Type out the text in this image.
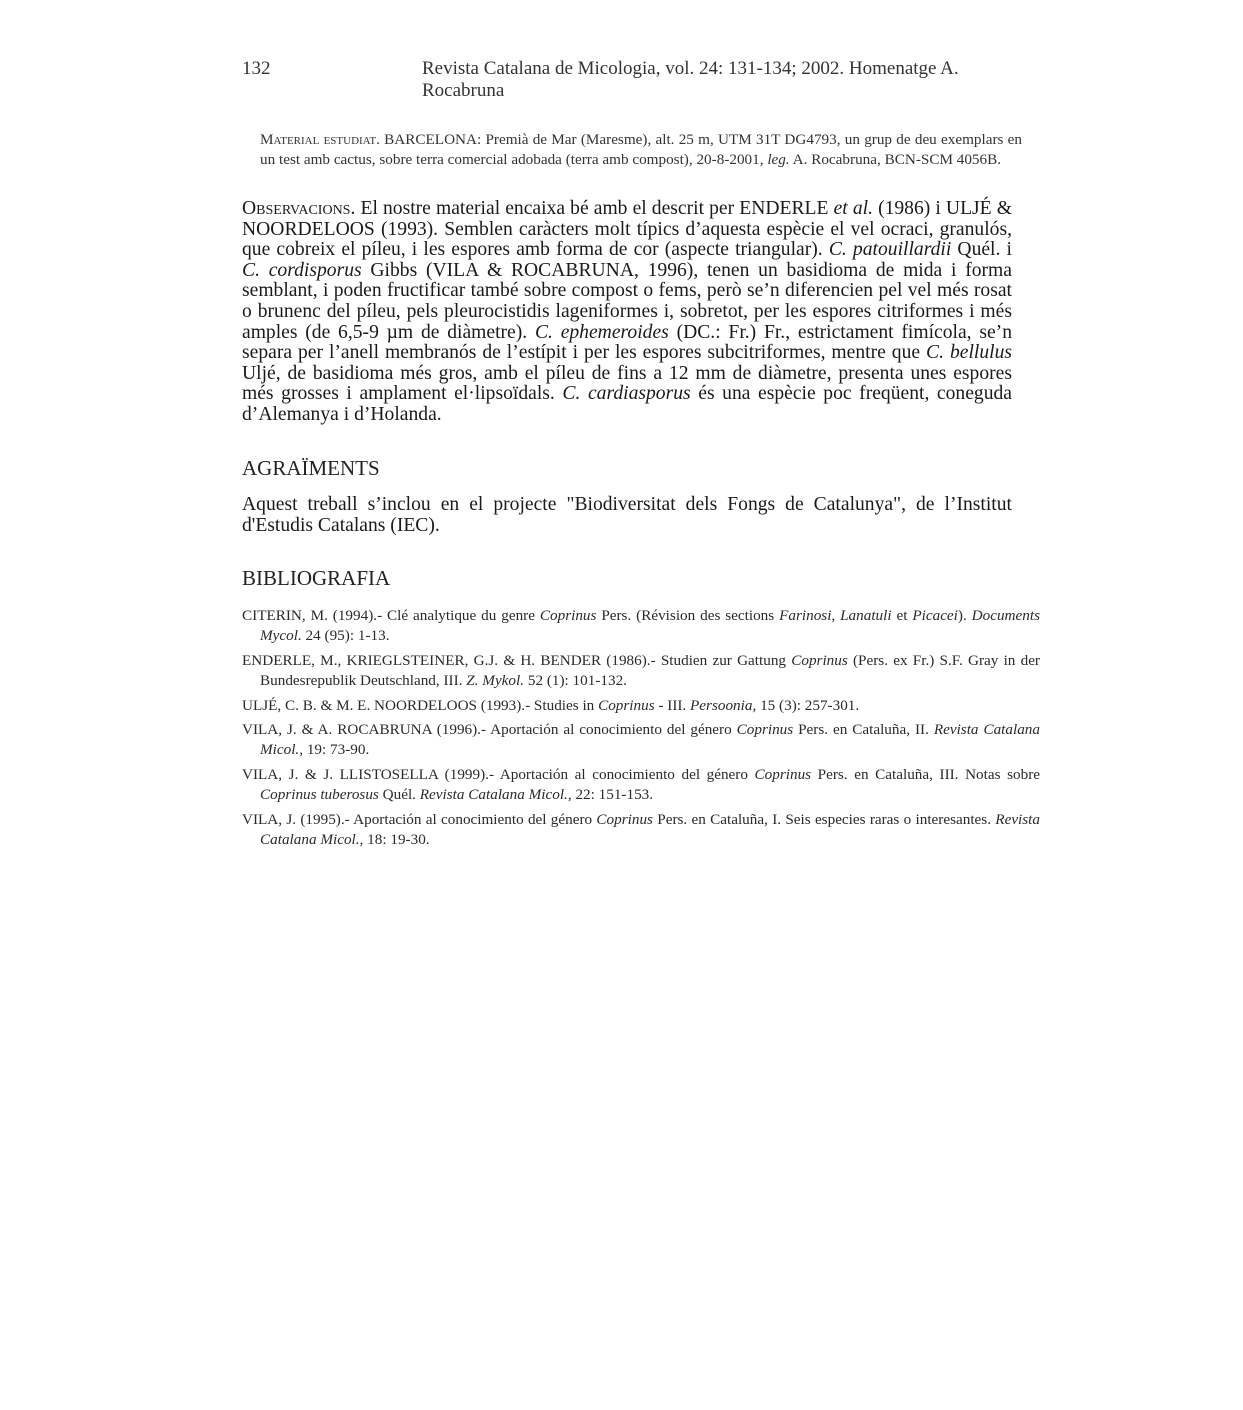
132	Revista Catalana de Micologia, vol. 24: 131-134; 2002. Homenatge A. Rocabruna
Material estudiat. BARCELONA: Premià de Mar (Maresme), alt. 25 m, UTM 31T DG4793, un grup de deu exemplars en un test amb cactus, sobre terra comercial adobada (terra amb compost), 20-8-2001, leg. A. Rocabruna, BCN-SCM 4056B.
Observacions. El nostre material encaixa bé amb el descrit per ENDERLE et al. (1986) i ULJÉ & NOORDELOOS (1993). Semblen caràcters molt típics d’aquesta espècie el vel ocraci, granulós, que cobreix el píleu, i les espores amb forma de cor (aspecte triangular). C. patouillardii Quél. i C. cordisporus Gibbs (VILA & ROCABRUNA, 1996), tenen un basidioma de mida i forma semblant, i poden fructificar també sobre compost o fems, però se’n diferencien pel vel més rosat o brunenc del píleu, pels pleurocistidis lageniformes i, sobretot, per les espores citriformes i més amples (de 6,5-9 µm de diàmetre). C. ephemeroides (DC.: Fr.) Fr., estrictament fimícola, se’n separa per l’anell membranós de l’estípit i per les espores subcitriformes, mentre que C. bellulus Uljé, de basidioma més gros, amb el píleu de fins a 12 mm de diàmetre, presenta unes espores més grosses i amplament el·lipsoïdals. C. cardiasporus és una espècie poc freqüent, coneguda d’Alemanya i d’Holanda.
AGRAÏMENTS
Aquest treball s’inclou en el projecte "Biodiversitat dels Fongs de Catalunya", de l’Institut d'Estudis Catalans (IEC).
BIBLIOGRAFIA
CITERIN, M. (1994).- Clé analytique du genre Coprinus Pers. (Révision des sections Farinosi, Lanatuli et Picacei). Documents Mycol. 24 (95): 1-13.
ENDERLE, M., KRIEGLSTEINER, G.J. & H. BENDER (1986).- Studien zur Gattung Coprinus (Pers. ex Fr.) S.F. Gray in der Bundesrepublik Deutschland, III. Z. Mykol. 52 (1): 101-132.
ULJÉ, C. B. & M. E. NOORDELOOS (1993).- Studies in Coprinus - III. Persoonia, 15 (3): 257-301.
VILA, J. & A. ROCABRUNA (1996).- Aportación al conocimiento del género Coprinus Pers. en Cataluña, II. Revista Catalana Micol., 19: 73-90.
VILA, J. & J. LLISTOSELLA (1999).- Aportación al conocimiento del género Coprinus Pers. en Cataluña, III. Notas sobre Coprinus tuberosus Quél. Revista Catalana Micol., 22: 151-153.
VILA, J. (1995).- Aportación al conocimiento del género Coprinus Pers. en Cataluña, I. Seis especies raras o interesantes. Revista Catalana Micol., 18: 19-30.
